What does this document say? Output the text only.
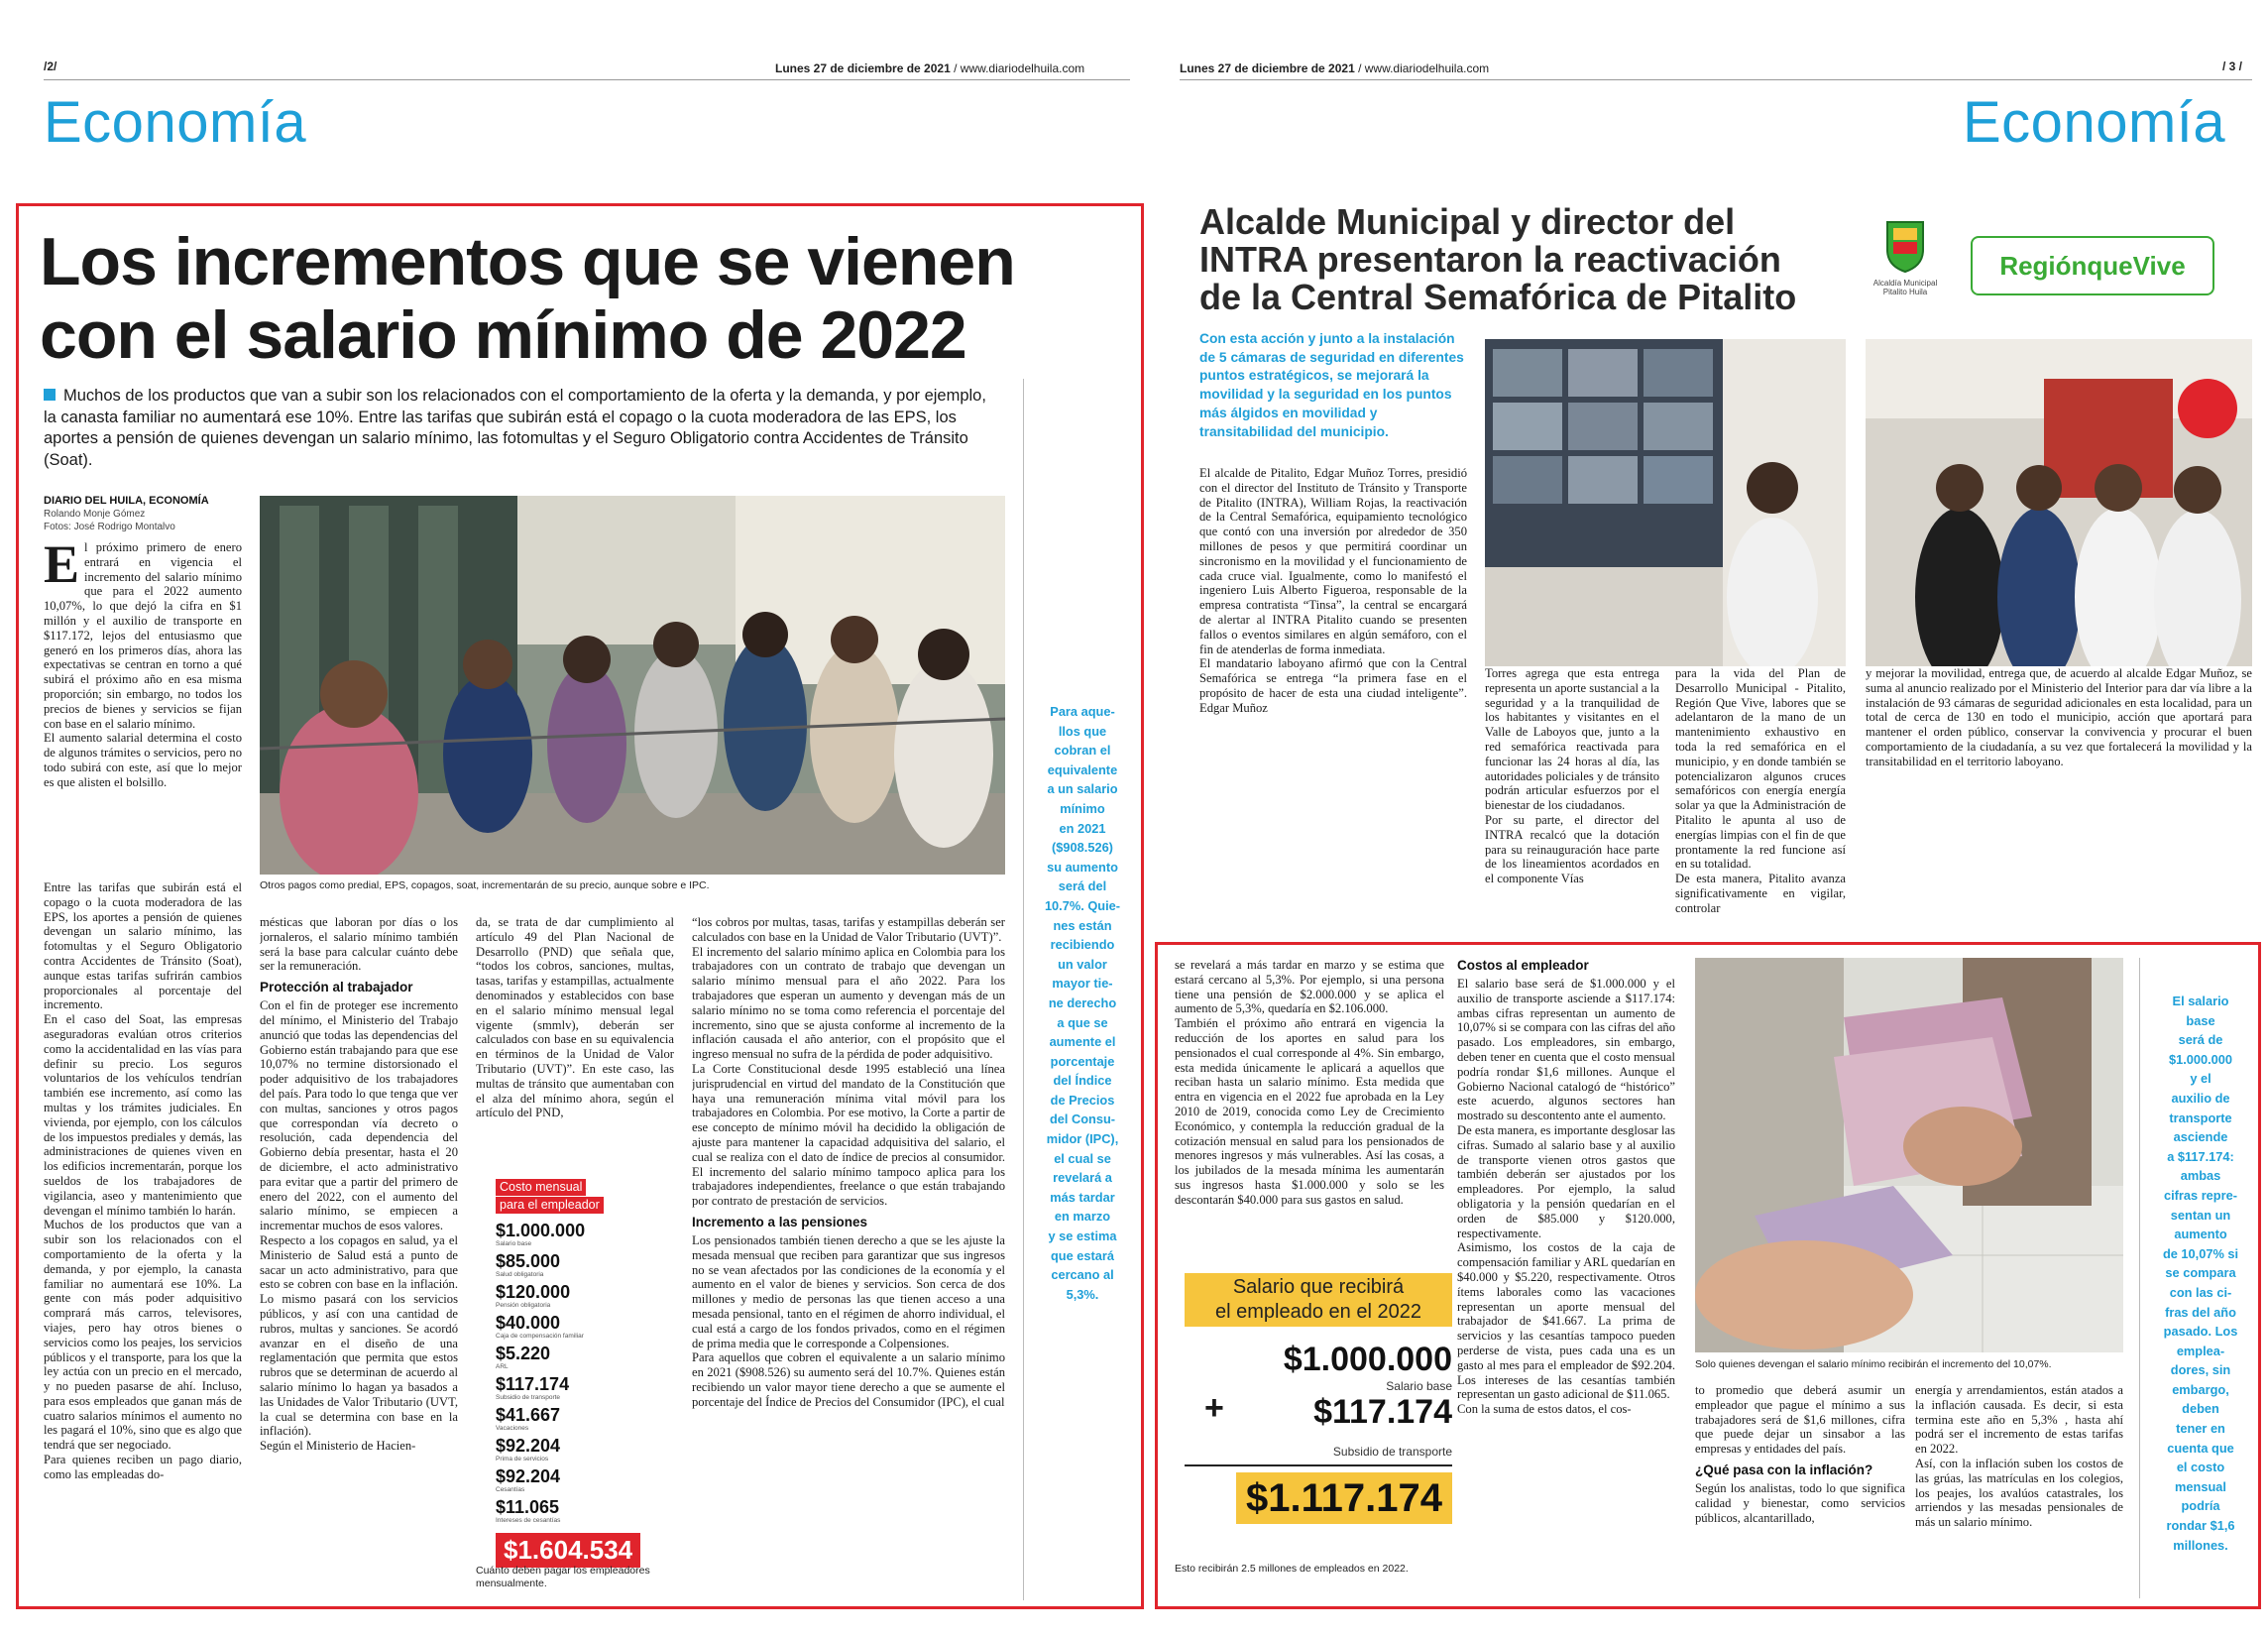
/2/	Lunes 27 de diciembre de 2021 / www.diariodelhuila.com
Economía
Los incrementos que se vienen
con el salario mínimo de 2022
Muchos de los productos que van a subir son los relacionados con el comportamiento de la oferta y la demanda, y por ejemplo, la canasta familiar no aumentará ese 10%. Entre las tarifas que subirán está el copago o la cuota moderadora de las EPS, los aportes a pensión de quienes devengan un salario mínimo, las fotomultas y el Seguro Obligatorio contra Accidentes de Tránsito (Soat).
DIARIO DEL HUILA, ECONOMÍA
Rolando Monje Gómez
Fotos: José Rodrigo Montalvo
El próximo primero de enero entrará en vigencia el incremento del salario mínimo que para el 2022 aumento 10,07%, lo que dejó la cifra en $1 millón y el auxilio de transporte en $117.172, lejos del entusiasmo que generó en los primeros días, ahora las expectativas se centran en torno a qué subirá el próximo año en esa misma proporción; sin embargo, no todos los precios de bienes y servicios se fijan con base en el salario mínimo.
El aumento salarial determina el costo de algunos trámites o servicios, pero no todo subirá con este, así que lo mejor es que alisten el bolsillo.
Otros pagos como predial, EPS, copagos, soat, incrementarán de su precio, aunque sobre e IPC.
Entre las tarifas que subirán está el copago o la cuota moderadora de las EPS, los aportes a pensión de quienes devengan un salario mínimo, las fotomultas y el Seguro Obligatorio contra Accidentes de Tránsito (Soat), aunque estas tarifas sufrirán cambios proporcionales al porcentaje del incremento.
En el caso del Soat, las empresas aseguradoras evalúan otros criterios como la accidentalidad en las vías para definir su precio. Los seguros voluntarios de los vehículos tendrían también ese incremento, así como las multas y los trámites judiciales. En vivienda, por ejemplo, con los cálculos de los impuestos prediales y demás, las administraciones de quienes viven en los edificios incrementarán, porque los sueldos de los trabajadores de vigilancia, aseo y mantenimiento que devengan el mínimo también lo harán.
Muchos de los productos que van a subir son los relacionados con el comportamiento de la oferta y la demanda, y por ejemplo, la canasta familiar no aumentará ese 10%. La gente con más poder adquisitivo comprará más carros, televisores, viajes, pero hay otros bienes o servicios como los peajes, los servicios públicos y el transporte, para los que la ley actúa con un precio en el mercado, y no pueden pasarse de ahí. Incluso, para esos empleados que ganan más de cuatro salarios mínimos el aumento no les pagará el 10%, sino que es algo que tendrá que ser negociado.
Para quienes reciben un pago diario, como las empleadas do-
mésticas que laboran por días o los jornaleros, el salario mínimo también será la base para calcular cuánto debe ser la remuneración.
Protección al trabajador
Con el fin de proteger ese incremento del mínimo, el Ministerio del Trabajo anunció que todas las dependencias del Gobierno están trabajando para que ese 10,07% no termine distorsionado el poder adquisitivo de los trabajadores del país. Para todo lo que tenga que ver con multas, sanciones y otros pagos que correspondan vía decreto o resolución, cada dependencia del Gobierno debía presentar, hasta el 20 de diciembre, el acto administrativo para evitar que a partir del primero de enero del 2022, con el aumento del salario mínimo, se empiecen a incrementar muchos de esos valores.
Respecto a los copagos en salud, ya el Ministerio de Salud está a punto de sacar un acto administrativo, para que esto se cobren con base en la inflación. Lo mismo pasará con los servicios públicos, y así con una cantidad de rubros, multas y sanciones. Se acordó avanzar en el diseño de una reglamentación que permita que estos rubros que se determinan de acuerdo al salario mínimo lo hagan ya basados a las Unidades de Valor Tributario (UVT, la cual se determina con base en la inflación).
Según el Ministerio de Hacien-
da, se trata de dar cumplimiento al artículo 49 del Plan Nacional de Desarrollo (PND) que señala que, “todos los cobros, sanciones, multas, tasas, tarifas y estampillas, actualmente denominados y establecidos con base en el salario mínimo mensual legal vigente (smmlv), deberán ser calculados con base en su equivalencia en términos de la Unidad de Valor Tributario (UVT)”. En este caso, las multas de tránsito que aumentaban con el alza del mínimo ahora, según el artículo del PND,
Costo mensual
para el empleador
$1.000.000
Salario base
$85.000
Salud obligatoria
$120.000
Pensión obligatoria
$40.000
Caja de compensación familiar
$5.220
ARL
$117.174
Subsidio de transporte
$41.667
Vacaciones
$92.204
Prima de servicios
$92.204
Cesantías
$11.065
Intereses de cesantías
$1.604.534
Cuánto deben pagar los empleadores mensualmente.
“los cobros por multas, tasas, tarifas y estampillas deberán ser calculados con base en la Unidad de Valor Tributario (UVT)”.
El incremento del salario mínimo aplica en Colombia para los trabajadores con un contrato de trabajo que devengan un salario mínimo mensual para el año 2022. Para los trabajadores que esperan un aumento y devengan más de un salario mínimo no se toma como referencia el porcentaje del incremento, sino que se ajusta conforme al incremento de la inflación causada el año anterior, con el propósito que el ingreso mensual no sufra de la pérdida de poder adquisitivo.
La Corte Constitucional desde 1995 estableció una línea jurisprudencial en virtud del mandato de la Constitución que haya una remuneración mínima vital móvil para los trabajadores en Colombia. Por ese motivo, la Corte a partir de ese concepto de mínimo móvil ha decidido la obligación de ajuste para mantener la capacidad adquisitiva del salario, el cual se realiza con el dato de índice de precios al consumidor. El incremento del salario mínimo tampoco aplica para los trabajadores independientes, freelance o que están trabajando por contrato de prestación de servicios.
Incremento a las pensiones
Los pensionados también tienen derecho a que se les ajuste la mesada mensual que reciben para garantizar que sus ingresos no se vean afectados por las condiciones de la economía y el aumento en el valor de bienes y servicios. Son cerca de dos millones y medio de personas las que tienen acceso a una mesada pensional, tanto en el régimen de ahorro individual, el cual está a cargo de los fondos privados, como en el régimen de prima media que le corresponde a Colpensiones.
Para aquellos que cobren el equivalente a un salario mínimo en 2021 ($908.526) su aumento será del 10.7%. Quienes están recibiendo un valor mayor tiene derecho a que se aumente el porcentaje del Índice de Precios del Consumidor (IPC), el cual
Para aque-
llos que
cobran el
equivalente
a un salario
mínimo
en 2021
($908.526)
su aumento
será del
10.7%. Quie-
nes están
recibiendo
un valor
mayor tie-
ne derecho
a que se
aumente el
porcentaje
del Índice
de Precios
del Consu-
midor (IPC),
el cual se
revelará a
más tardar
en marzo
y se estima
que estará
cercano al
5,3%.
Lunes 27 de diciembre de 2021 / www.diariodelhuila.com	/ 3 /
Economía
Alcalde Municipal y director del
INTRA presentaron la reactivación
de la Central Semafórica de Pitalito	Alcaldía Municipal
Pitalito Huila
RegiónqueVive
Con esta acción y junto a la instalación de 5 cámaras de seguridad en diferentes puntos estratégicos, se mejorará la movilidad y la seguridad en los puntos más álgidos en movilidad y transitabilidad del municipio.
El alcalde de Pitalito, Edgar Muñoz Torres, presidió con el director del Instituto de Tránsito y Transporte de Pitalito (INTRA), William Rojas, la reactivación de la Central Semafórica, equipamiento tecnológico que contó con una inversión por alrededor de 350 millones de pesos y que permitirá coordinar un sincronismo en la movilidad y el funcionamiento de cada cruce vial. Igualmente, como lo manifestó el ingeniero Luis Alberto Figueroa, responsable de la empresa contratista “Tinsa”, la central se encargará de alertar al INTRA Pitalito cuando se presenten fallos o eventos similares en algún semáforo, con el fin de atenderlas de forma inmediata.
El mandatario laboyano afirmó que con la Central Semafórica se entrega “la primera fase en el propósito de hacer de esta una ciudad inteligente”. Edgar Muñoz
Torres agrega que esta entrega representa un aporte sustancial a la seguridad y a la tranquilidad de los habitantes y visitantes en el Valle de Laboyos que, junto a la red semafórica reactivada para funcionar las 24 horas al día, las autoridades policiales y de tránsito podrán articular esfuerzos por el bienestar de los ciudadanos.
Por su parte, el director del INTRA recalcó que la dotación para su reinauguración hace parte de los lineamientos acordados en el componente Vías
para la vida del Plan de Desarrollo Municipal - Pitalito, Región Que Vive, labores que se adelantaron de la mano de un mantenimiento exhaustivo en toda la red semafórica en el municipio, y en donde también se potencializaron algunos cruces semafóricos con energía energía solar ya que la Administración de Pitalito le apunta al uso de energías limpias con el fin de que prontamente la red funcione así en su totalidad.
De esta manera, Pitalito avanza significativamente en vigilar, controlar
y mejorar la movilidad, entrega que, de acuerdo al alcalde Edgar Muñoz, se suma al anuncio realizado por el Ministerio del Interior para dar vía libre a la instalación de 93 cámaras de seguridad adicionales en esta localidad, para un total de cerca de 130 en todo el municipio, acción que aportará para mantener el orden público, conservar la convivencia y procurar el buen comportamiento de la ciudadanía, a su vez que fortalecerá la movilidad y la transitabilidad en el territorio laboyano.
se revelará a más tardar en marzo y se estima que estará cercano al 5,3%. Por ejemplo, si una persona tiene una pensión de $2.000.000 y se aplica el aumento de 5,3%, quedaría en $2.106.000.
También el próximo año entrará en vigencia la reducción de los aportes en salud para los pensionados el cual corresponde al 4%. Sin embargo, esta medida únicamente le aplicará a aquellos que reciban hasta un salario mínimo. Esta medida que entra en vigencia en el 2022 fue aprobada en la Ley 2010 de 2019, conocida como Ley de Crecimiento Económico, y contempla la reducción gradual de la cotización mensual en salud para los pensionados de menores ingresos y más vulnerables. Así las cosas, a los jubilados de la mesada mínima les aumentarán sus ingresos hasta $1.000.000 y solo se les descontarán $40.000 para sus gastos en salud.
Salario que recibirá
el empleado en el 2022
$1.000.000
Salario base
+	$117.174
Subsidio de transporte
$1.117.174
Esto recibirán 2.5 millones de empleados en 2022.
Costos al empleador
El salario base será de $1.000.000 y el auxilio de transporte asciende a $117.174: ambas cifras representan un aumento de 10,07% si se compara con las cifras del año pasado. Los empleadores, sin embargo, deben tener en cuenta que el costo mensual podría rondar $1,6 millones. Aunque el Gobierno Nacional catalogó de “histórico” este acuerdo, algunos sectores han mostrado su descontento ante el aumento.
De esta manera, es importante desglosar las cifras. Sumado al salario base y al auxilio de transporte vienen otros gastos que también deberán ser ajustados por los empleadores. Por ejemplo, la salud obligatoria y la pensión quedarían en el orden de $85.000 y $120.000, respectivamente.
Asimismo, los costos de la caja de compensación familiar y ARL quedarían en $40.000 y $5.220, respectivamente. Otros ítems laborales como las vacaciones representan un aporte mensual del trabajador de $41.667. La prima de servicios y las cesantías tampoco pueden perderse de vista, pues cada una es un gasto al mes para el empleador de $92.204. Los intereses de las cesantías también representan un gasto adicional de $11.065.
Con la suma de estos datos, el cos-
Solo quienes devengan el salario mínimo recibirán el incremento del 10,07%.
to promedio que deberá asumir un empleador que pague el mínimo a sus trabajadores será de $1,6 millones, cifra que puede dejar un sinsabor a las empresas y entidades del país.
¿Qué pasa con la inflación?
Según los analistas, todo lo que significa calidad y bienestar, como servicios públicos, alcantarillado,
energía y arrendamientos, están atados a la inflación causada. Es decir, si esta termina este año en 5,3% , hasta ahí podrá ser el incremento de estas tarifas en 2022.
Así, con la inflación suben los costos de las grúas, las matrículas en los colegios, los peajes, los avalúos catastrales, los arriendos y las mesadas pensionales de más un salario mínimo.
El salario
base
será de
$1.000.000
y el
auxilio de
transporte
asciende
a $117.174:
ambas
cifras repre-
sentan un
aumento
de 10,07% si
se compara
con las ci-
fras del año
pasado. Los
emplea-
dores, sin
embargo,
deben
tener en
cuenta que
el costo
mensual
podría
rondar $1,6
millones.
